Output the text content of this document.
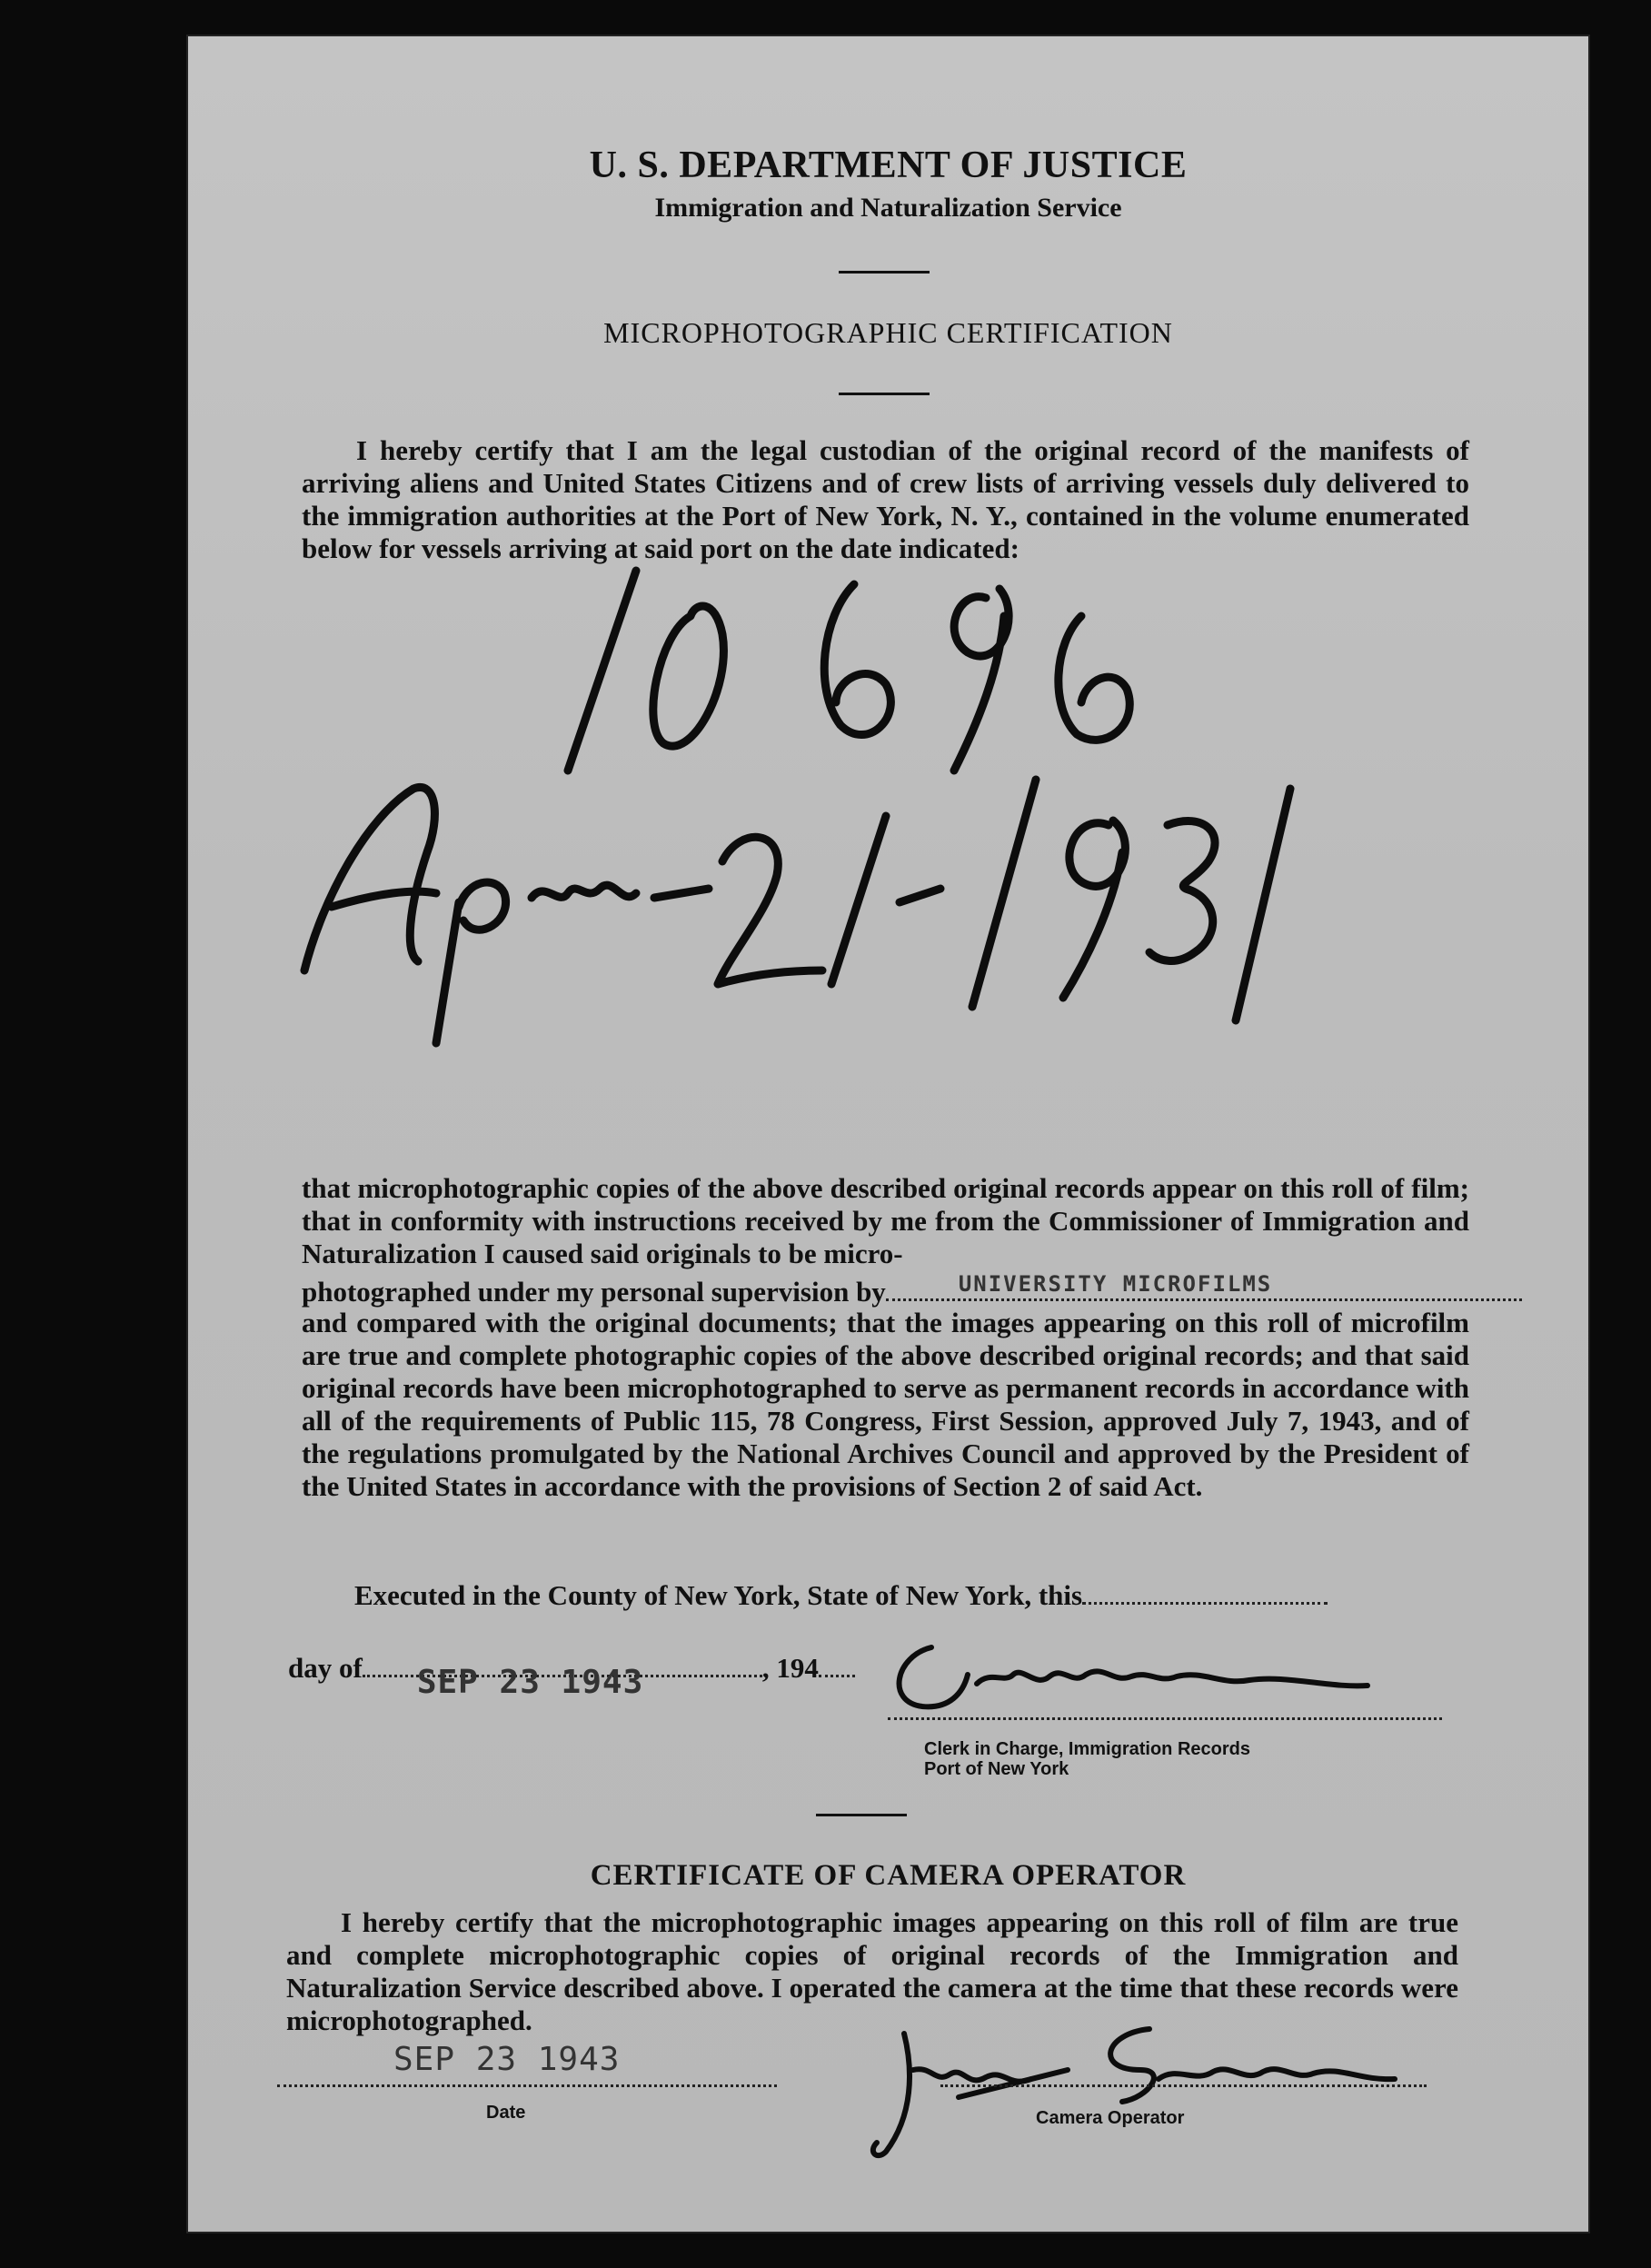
U. S. DEPARTMENT OF JUSTICE
Immigration and Naturalization Service
MICROPHOTOGRAPHIC CERTIFICATION
I hereby certify that I am the legal custodian of the original record of the manifests of arriving aliens and United States Citizens and of crew lists of arriving vessels duly delivered to the immigration authorities at the Port of New York, N. Y., contained in the volume enumerated below for vessels arriving at said port on the date indicated:
that microphotographic copies of the above described original records appear on this roll of film; that in conformity with instructions received by me from the Commissioner of Immigration and Naturalization I caused said originals to be micro-
photographed under my personal supervision by	UNIVERSITY MICROFILMS
and compared with the original documents; that the images appearing on this roll of microfilm are true and complete photographic copies of the above described original records; and that said original records have been microphotographed to serve as permanent records in accordance with all of the requirements of Public 115, 78 Congress, First Session, approved July 7, 1943, and of the regulations promulgated by the National Archives Council and approved by the President of the United States in accordance with the provisions of Section 2 of said Act.
Executed in the County of New York, State of New York, this
day of SEP 23 1943	, 194
Clerk in Charge, Immigration Records
Port of New York
CERTIFICATE OF CAMERA OPERATOR
I hereby certify that the microphotographic images appearing on this roll of film are true and complete microphotographic copies of original records of the Immigration and Naturalization Service described above. I operated the camera at the time that these records were microphotographed.
SEP 23 1943
Date	Camera Operator
